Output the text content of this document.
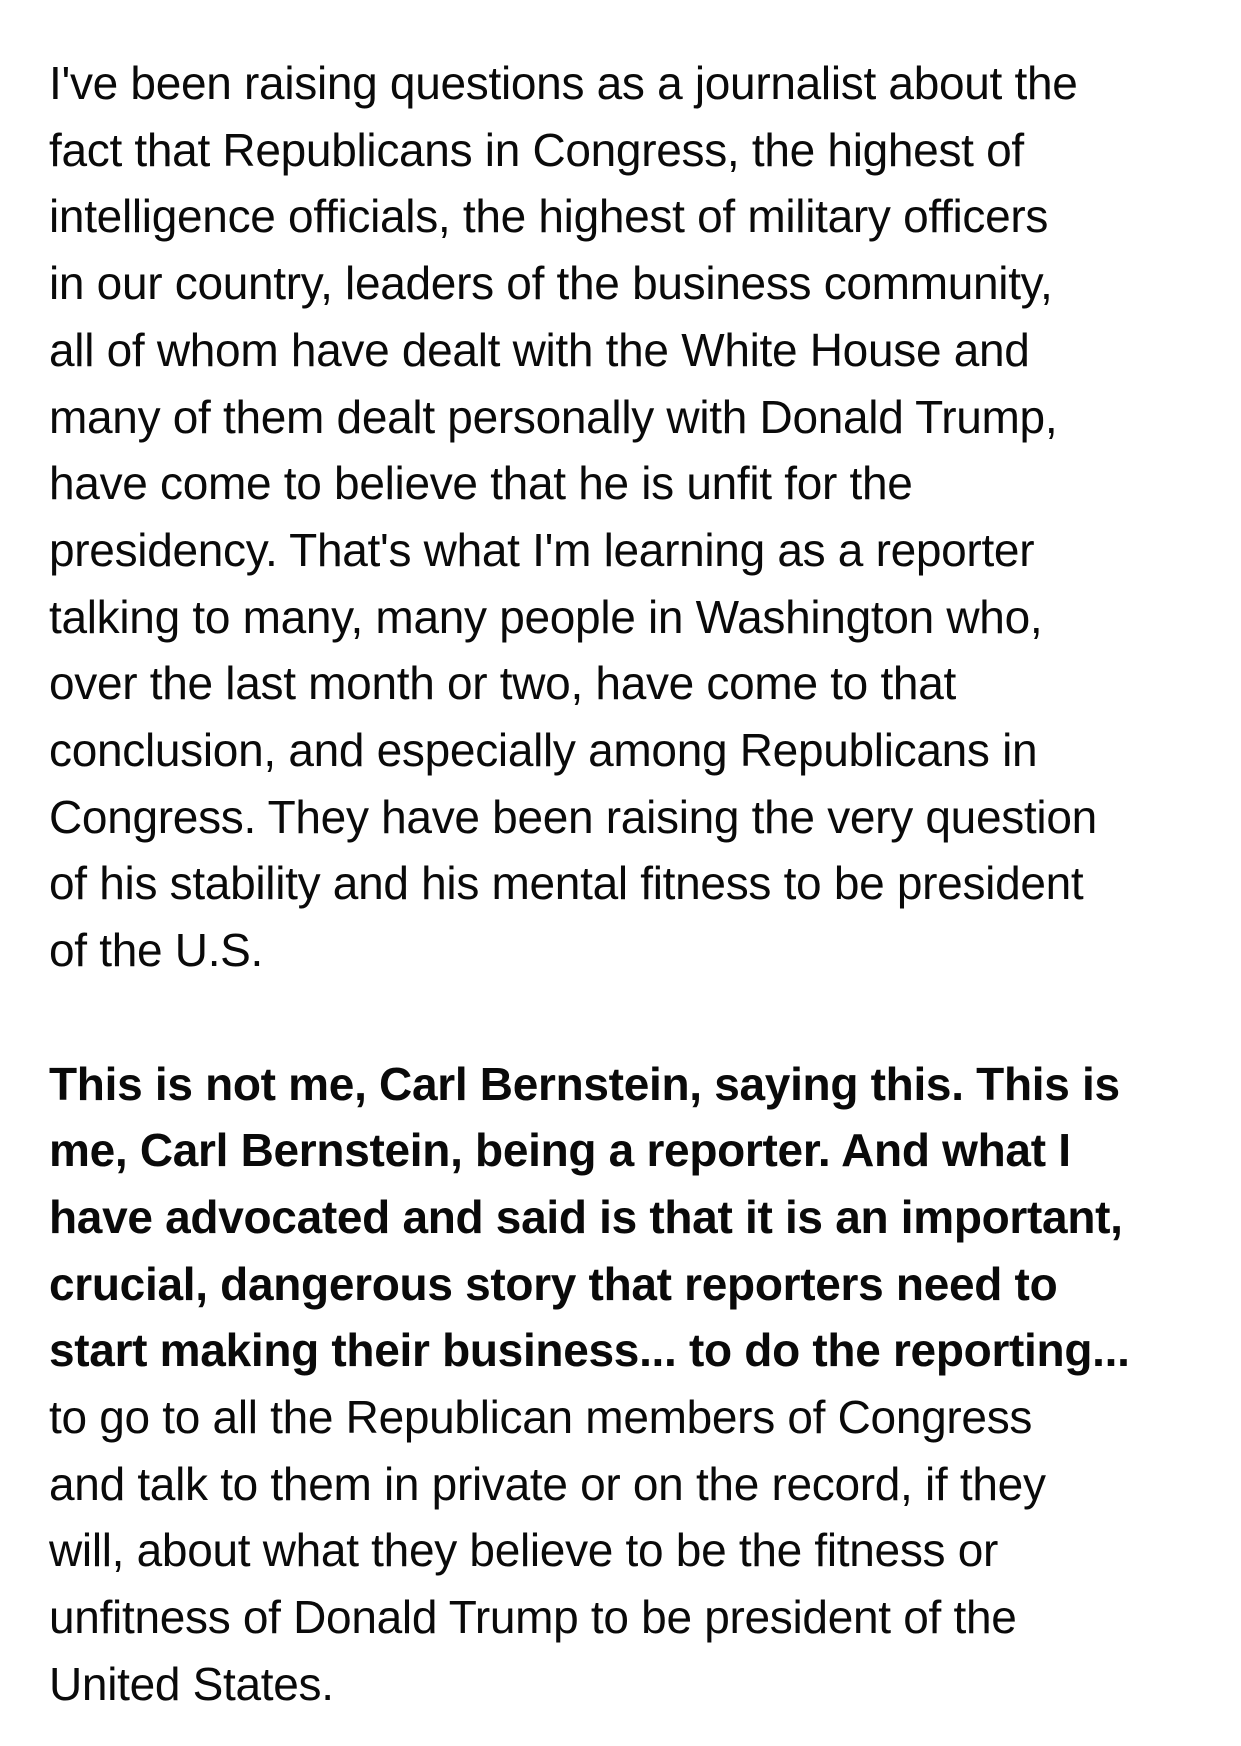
I've been raising questions as a journalist about the
fact that Republicans in Congress, the highest of
intelligence officials, the highest of military officers
in our country, leaders of the business community,
all of whom have dealt with the White House and
many of them dealt personally with Donald Trump,
have come to believe that he is unfit for the
presidency. That's what I'm learning as a reporter
talking to many, many people in Washington who,
over the last month or two, have come to that
conclusion, and especially among Republicans in
Congress. They have been raising the very question
of his stability and his mental fitness to be president
of the U.S.
This is not me, Carl Bernstein, saying this. This is
me, Carl Bernstein, being a reporter. And what I
have advocated and said is that it is an important,
crucial, dangerous story that reporters need to
start making their business... to do the reporting...
to go to all the Republican members of Congress
and talk to them in private or on the record, if they
will, about what they believe to be the fitness or
unfitness of Donald Trump to be president of the
United States.
